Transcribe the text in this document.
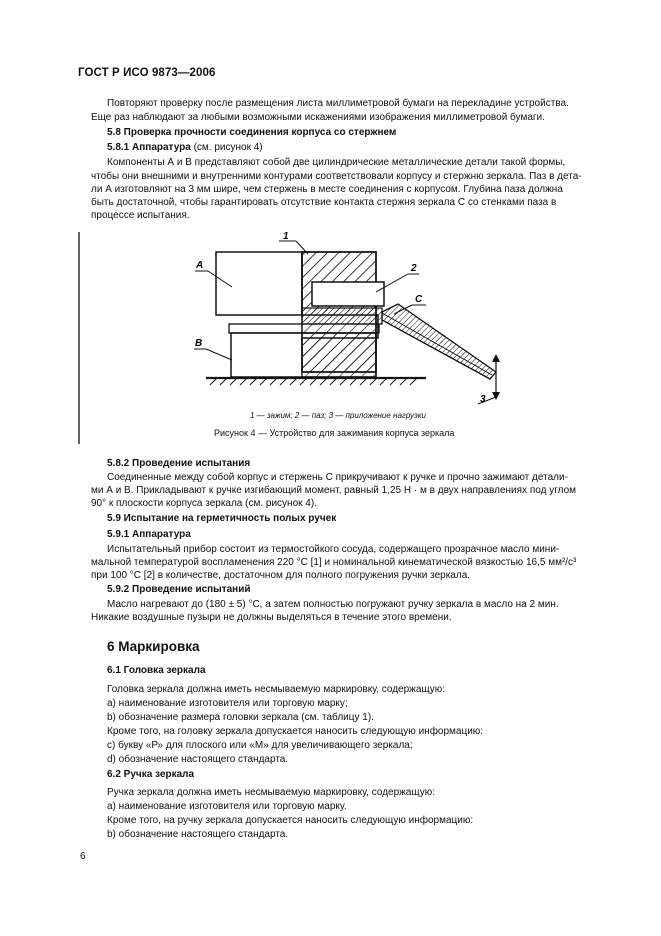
ГОСТ Р ИСО 9873—2006
Повторяют проверку после размещения листа миллиметровой бумаги на перекладине устройства.
Еще раз наблюдают за любыми возможными искажениями изображения миллиметровой бумаги.
5.8 Проверка прочности соединения корпуса со стержнем
5.8.1 Аппаратура (см. рисунок 4)
Компоненты А и В представляют собой две цилиндрические металлические детали такой формы,
чтобы они внешними и внутренними контурами соответствовали корпусу и стержню зеркала. Паз в дета-
ли А изготовляют на 3 мм шире, чем стержень в месте соединения с корпусом. Глубина паза должна
быть достаточной, чтобы гарантировать отсутствие контакта стержня зеркала С со стенками паза в
процессе испытания.
1
A	2
C
B
3
1 — зажим; 2 — паз; 3 — приложение нагрузки
Рисунок 4 — Устройство для зажимания корпуса зеркала
5.8.2 Проведение испытания
Соединенные между собой корпус и стержень С прикручивают к ручке и прочно зажимают детали-
ми А и В. Прикладывают к ручке изгибающий момент, равный 1,25 Н · м в двух направлениях под углом
90° к плоскости корпуса зеркала (см. рисунок 4).
5.9 Испытание на герметичность полых ручек
5.9.1 Аппаратура
Испытательный прибор состоит из термостойкого сосуда, содержащего прозрачное масло мини-
мальной температурой воспламенения 220 °С [1] и номинальной кинематической вязкостью 16,5 мм²/с³
при 100 °С [2] в количестве, достаточном для полного погружения ручки зеркала.
5.9.2 Проведение испытаний
Масло нагревают до (180 ± 5) °С, а затем полностью погружают ручку зеркала в масло на 2 мин.
Никакие воздушные пузыри не должны выделяться в течение этого времени.
6 Маркировка
6.1 Головка зеркала
Головка зеркала должна иметь несмываемую маркировку, содержащую:
a) наименование изготовителя или торговую марку;
b) обозначение размера головки зеркала (см. таблицу 1).
Кроме того, на головку зеркала допускается наносить следующую информацию:
c) букву «Р» для плоского или «М» для увеличивающего зеркала;
d) обозначение настоящего стандарта.
6.2 Ручка зеркала
Ручка зеркала должна иметь несмываемую маркировку, содержащую:
a) наименование изготовителя или торговую марку.
Кроме того, на ручку зеркала допускается наносить следующую информацию:
b) обозначение настоящего стандарта.
6
